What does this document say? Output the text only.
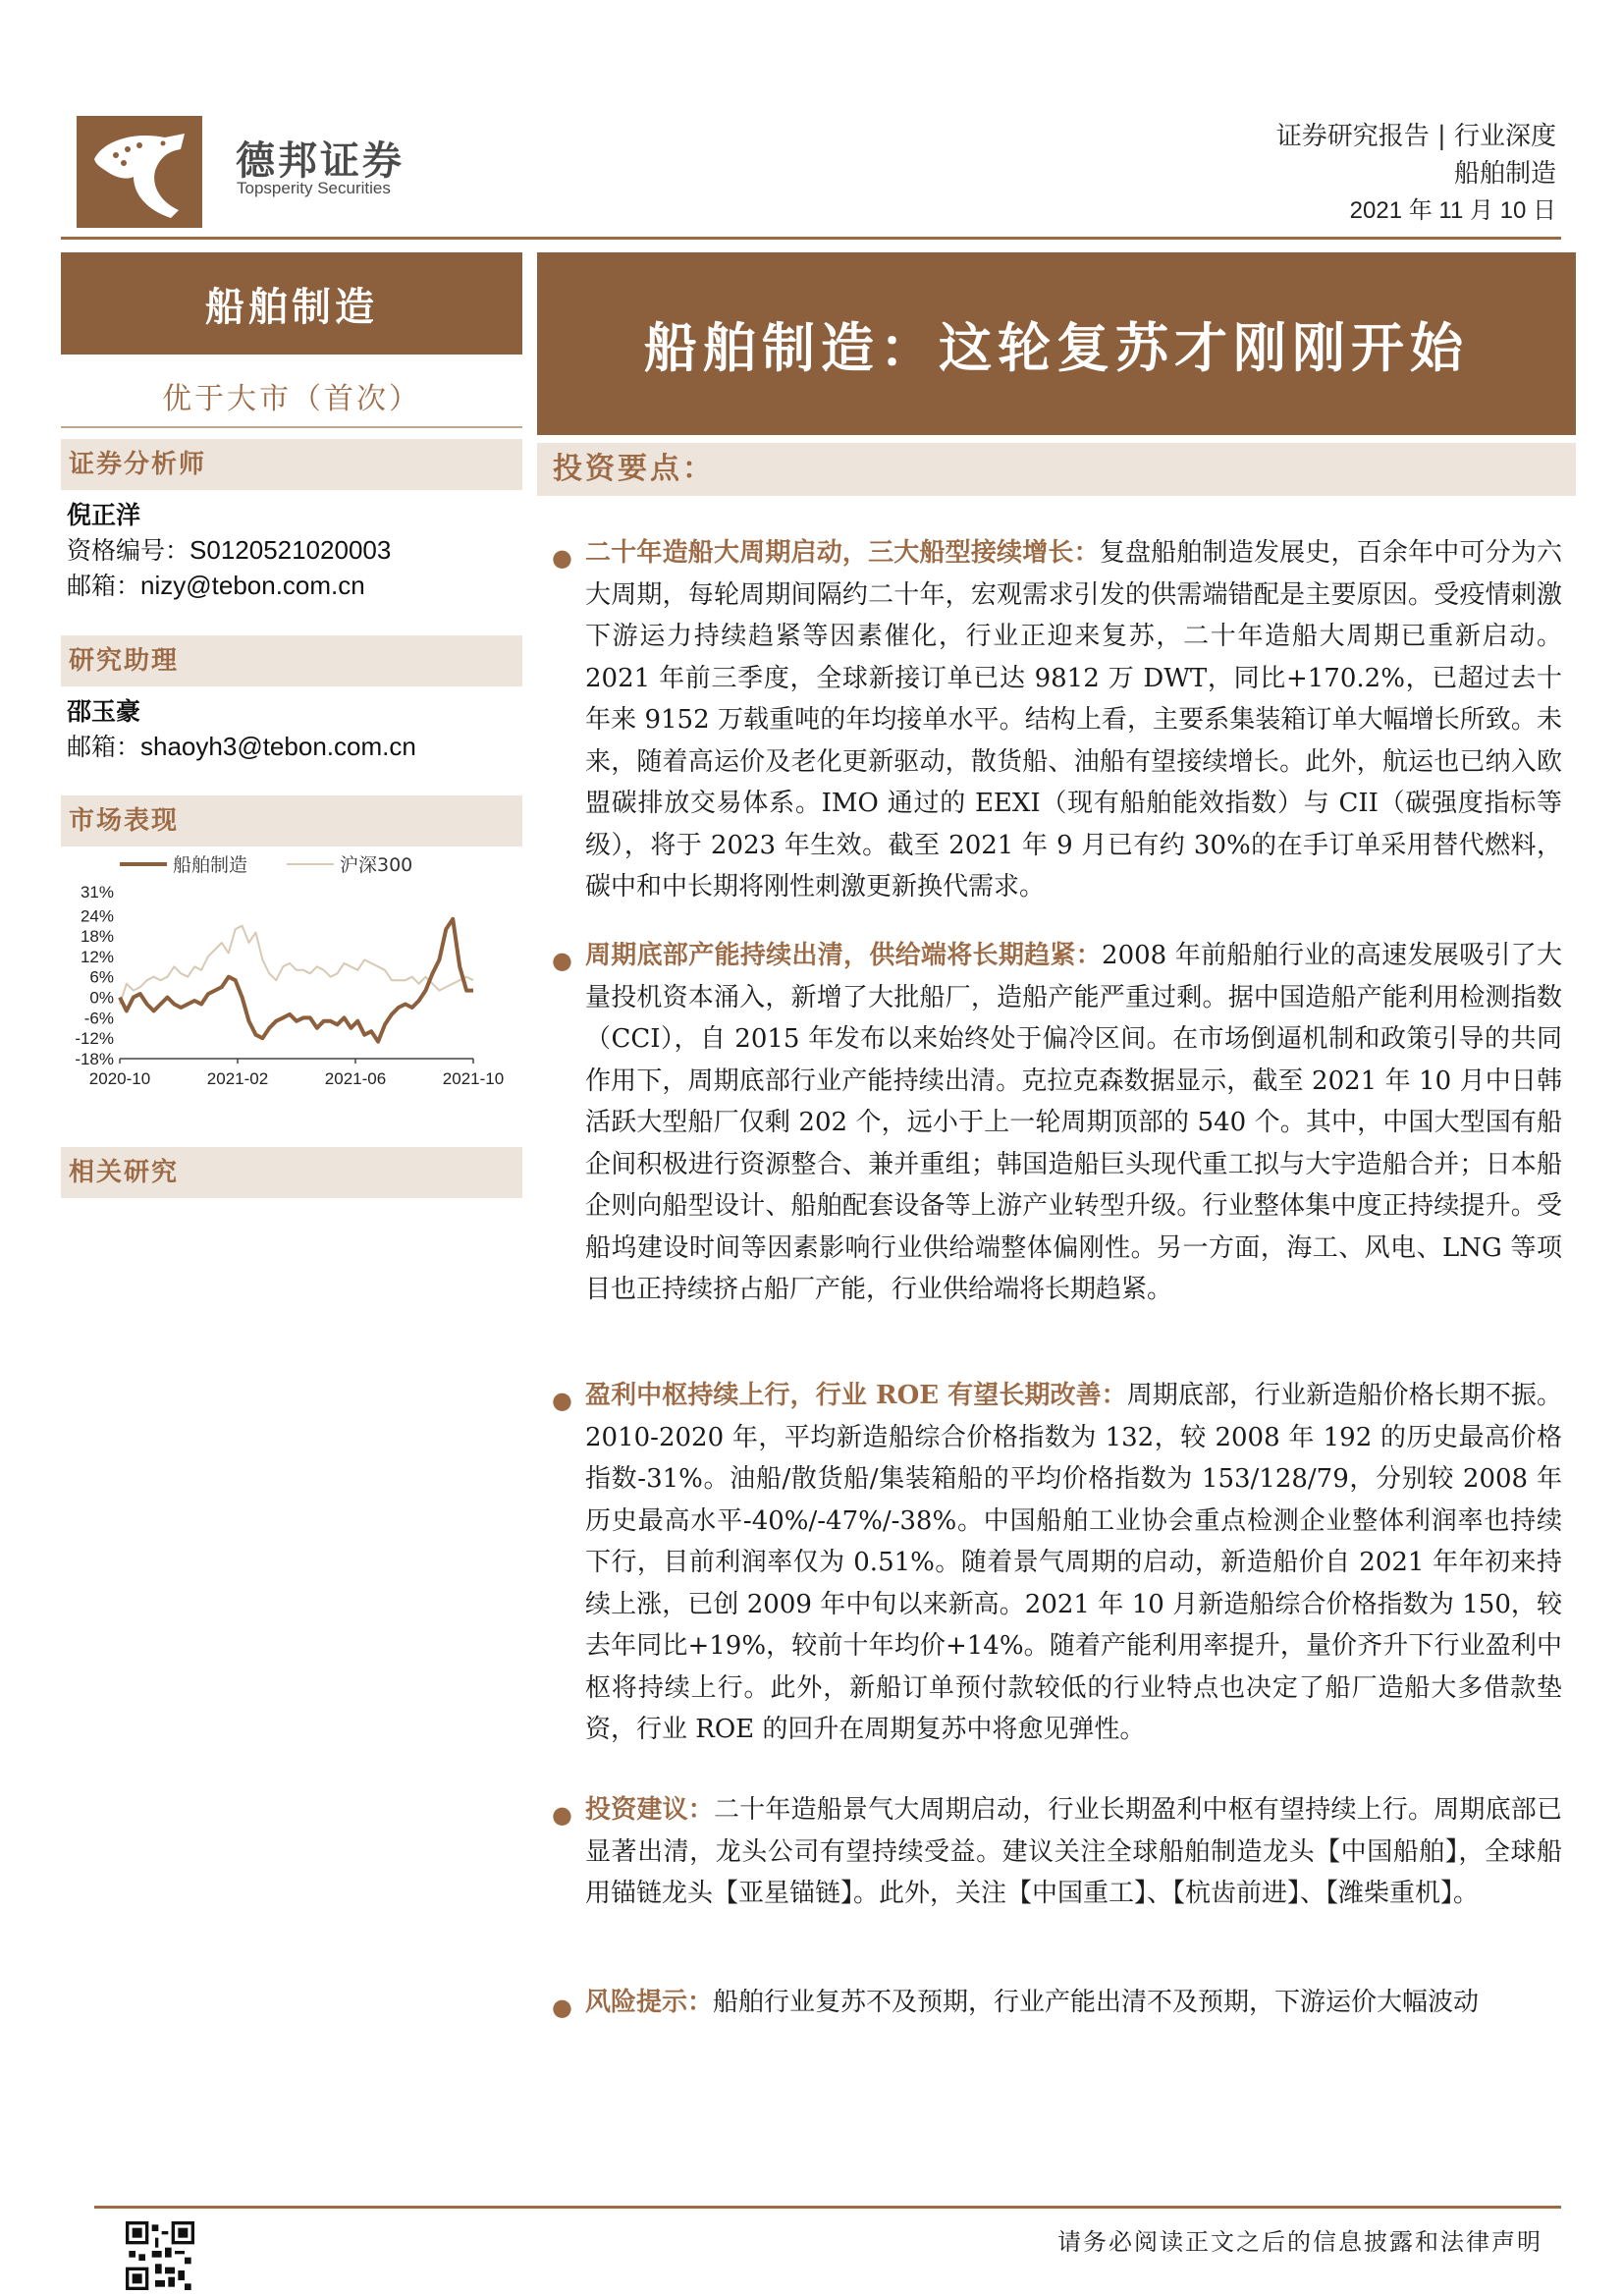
德邦证券
Topsperity Securities
证券研究报告 | 行业深度
船舶制造
2021 年 11 月 10 日
船舶制造
优于大市（首次）
证券分析师
倪正洋
资格编号：S0120521020003
邮箱：nizy@tebon.com.cn
研究助理
邵玉豪
邮箱：shaoyh3@tebon.com.cn
市场表现
船舶制造	沪深300
31%
24%
18%
12%
6%
0%
-6%
-12%
-18%
2020-10	2021-02	2021-06	2021-10
相关研究
船舶制造：这轮复苏才刚刚开始
投资要点：
● 二十年造船大周期启动，三大船型接续增长：复盘船舶制造发展史，百余年中可分为六大周期，每轮周期间隔约二十年，宏观需求引发的供需端错配是主要原因。受疫情刺激下游运力持续趋紧等因素催化，行业正迎来复苏，二十年造船大周期已重新启动。2021 年前三季度，全球新接订单已达 9812 万 DWT，同比+170.2%，已超过去十年来 9152 万载重吨的年均接单水平。结构上看，主要系集装箱订单大幅增长所致。未来，随着高运价及老化更新驱动，散货船、油船有望接续增长。此外，航运也已纳入欧盟碳排放交易体系。IMO 通过的 EEXI（现有船舶能效指数）与 CII（碳强度指标等级），将于 2023 年生效。截至 2021 年 9 月已有约 30%的在手订单采用替代燃料，碳中和中长期将刚性刺激更新换代需求。
● 周期底部产能持续出清，供给端将长期趋紧：2008 年前船舶行业的高速发展吸引了大量投机资本涌入，新增了大批船厂，造船产能严重过剩。据中国造船产能利用检测指数（CCI），自 2015 年发布以来始终处于偏冷区间。在市场倒逼机制和政策引导的共同作用下，周期底部行业产能持续出清。克拉克森数据显示，截至 2021 年 10 月中日韩活跃大型船厂仅剩 202 个，远小于上一轮周期顶部的 540 个。其中，中国大型国有船企间积极进行资源整合、兼并重组；韩国造船巨头现代重工拟与大宇造船合并；日本船企则向船型设计、船舶配套设备等上游产业转型升级。行业整体集中度正持续提升。受船坞建设时间等因素影响行业供给端整体偏刚性。另一方面，海工、风电、LNG 等项目也正持续挤占船厂产能，行业供给端将长期趋紧。
● 盈利中枢持续上行，行业 ROE 有望长期改善：周期底部，行业新造船价格长期不振。2010-2020 年，平均新造船综合价格指数为 132，较 2008 年 192 的历史最高价格指数-31%。油船/散货船/集装箱船的平均价格指数为 153/128/79，分别较 2008 年历史最高水平-40%/-47%/-38%。中国船舶工业协会重点检测企业整体利润率也持续下行，目前利润率仅为 0.51%。随着景气周期的启动，新造船价自 2021 年年初来持续上涨，已创 2009 年中旬以来新高。2021 年 10 月新造船综合价格指数为 150，较去年同比+19%，较前十年均价+14%。随着产能利用率提升，量价齐升下行业盈利中枢将持续上行。此外，新船订单预付款较低的行业特点也决定了船厂造船大多借款垫资，行业 ROE 的回升在周期复苏中将愈见弹性。
● 投资建议：二十年造船景气大周期启动，行业长期盈利中枢有望持续上行。周期底部已显著出清，龙头公司有望持续受益。建议关注全球船舶制造龙头【中国船舶】，全球船用锚链龙头【亚星锚链】。此外，关注【中国重工】、【杭齿前进】、【潍柴重机】。
● 风险提示：船舶行业复苏不及预期，行业产能出清不及预期，下游运价大幅波动
请务必阅读正文之后的信息披露和法律声明
